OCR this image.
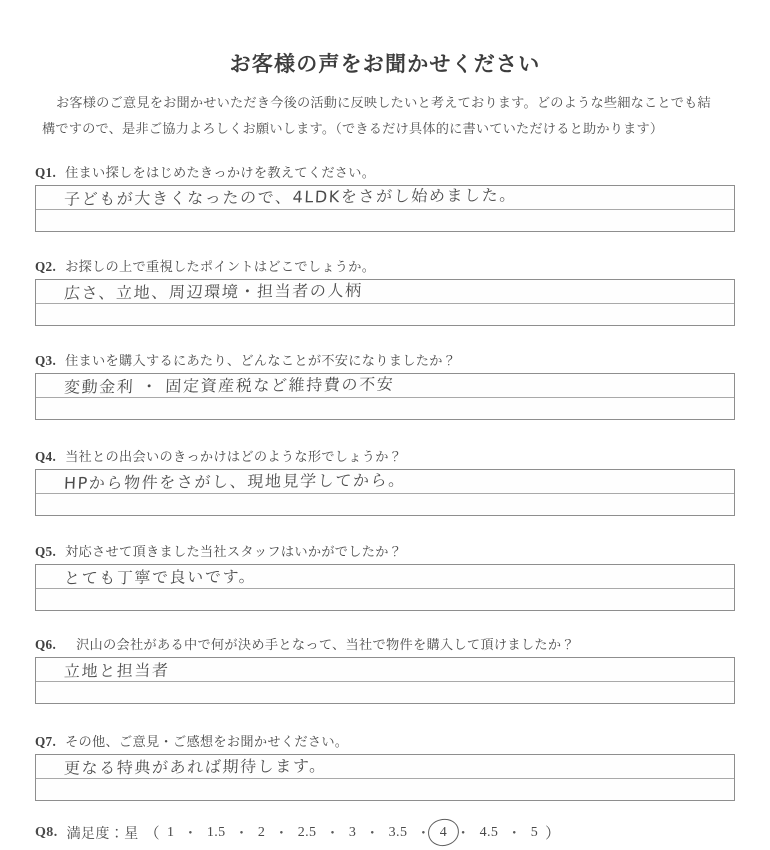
お客様の声をお聞かせください
お客様のご意見をお聞かせいただき今後の活動に反映したいと考えております。どのような些細なことでも結
構ですので、是非ご協力よろしくお願いします。（できるだけ具体的に書いていただけると助かります）
Q1. 住まい探しをはじめたきっかけを教えてください。
子どもが大きくなったので、4LDKをさがし始めました。
Q2. お探しの上で重視したポイントはどこでしょうか。
広さ、立地、周辺環境・担当者の人柄
Q3. 住まいを購入するにあたり、どんなことが不安になりましたか？
変動金利 ・ 固定資産税など維持費の不安
Q4. 当社との出会いのきっかけはどのような形でしょうか？
HPから物件をさがし、現地見学してから。
Q5. 対応させて頂きました当社スタッフはいかがでしたか？
とても丁寧で良いです。
Q6. 沢山の会社がある中で何が決め手となって、当社で物件を購入して頂けましたか？
立地と担当者
Q7. その他、ご意見・ご感想をお聞かせください。
更なる特典があれば期待します。
Q8. 満足度：星 （ 1 ・ 1.5 ・ 2 ・ 2.5 ・ 3 ・ 3.5 ・ 4 ・ 4.5 ・ 5 ）
